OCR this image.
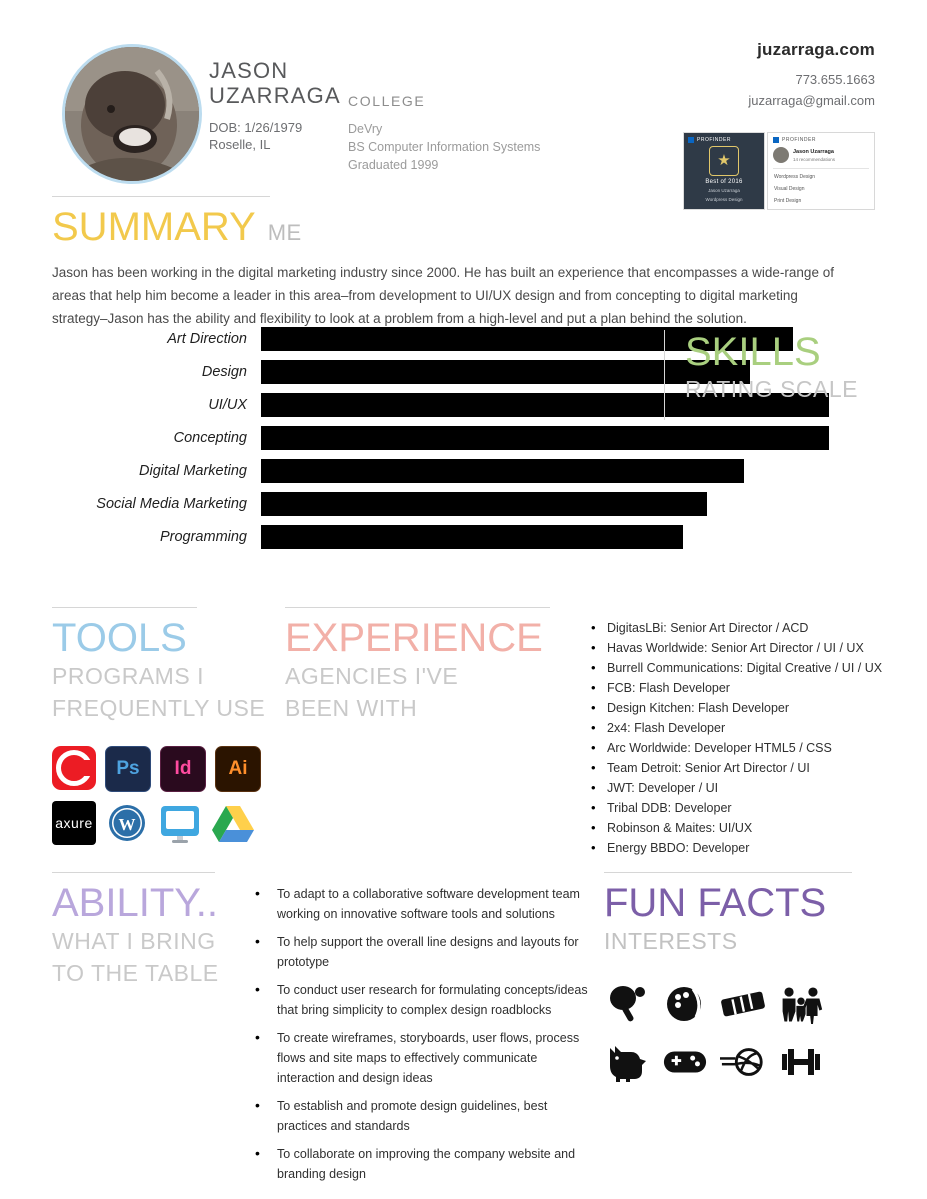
JASON
UZARRAGA
DOB: 1/26/1979
Roselle, IL
COLLEGE
DeVry
BS Computer Information Systems
Graduated 1999
juzarraga.com
773.655.1663
juzarraga@gmail.com
PROFINDER
★
Best of 2016
Jason Uzarraga
Wordpress Design
PROFINDER
Jason Uzarraga
14 recommendations
Wordpress Design
Visual Design
Print Design
SUMMARY ME
Jason has been working in the digital marketing industry since 2000. He has built an experience that encompasses a wide-range of areas that help him become a leader in this area–from development to UI/UX design and from concepting to digital marketing strategy–Jason has the ability and flexibility to look at a problem from a high-level and put a plan behind the solution.
Art Direction
Design
UI/UX
Concepting
Digital Marketing
Social Media Marketing
Programming
SKILLS
RATING SCALE
TOOLS
PROGRAMS I
FREQUENTLY USE
Ps	Id	Ai
axure W
EXPERIENCE
AGENCIES I'VE
BEEN WITH
• DigitasLBi: Senior Art Director / ACD
• Havas Worldwide: Senior Art Director / UI / UX
• Burrell Communications: Digital Creative / UI / UX
• FCB: Flash Developer
• Design Kitchen: Flash Developer
• 2x4: Flash Developer
• Arc Worldwide: Developer HTML5 / CSS
• Team Detroit: Senior Art Director / UI
• JWT: Developer / UI
• Tribal DDB: Developer
• Robinson & Maites: UI/UX
• Energy BBDO: Developer
ABILITY..
WHAT I BRING
TO THE TABLE
• To adapt to a collaborative software development team working on innovative software tools and solutions
• To help support the overall line designs and layouts for prototype
• To conduct user research for formulating concepts/ideas that bring simplicity to complex design roadblocks
• To create wireframes, storyboards, user flows, process flows and site maps to effectively communicate interaction and design ideas
• To establish and promote design guidelines, best practices and standards
• To collaborate on improving the company website and branding design
FUN FACTS
INTERESTS
